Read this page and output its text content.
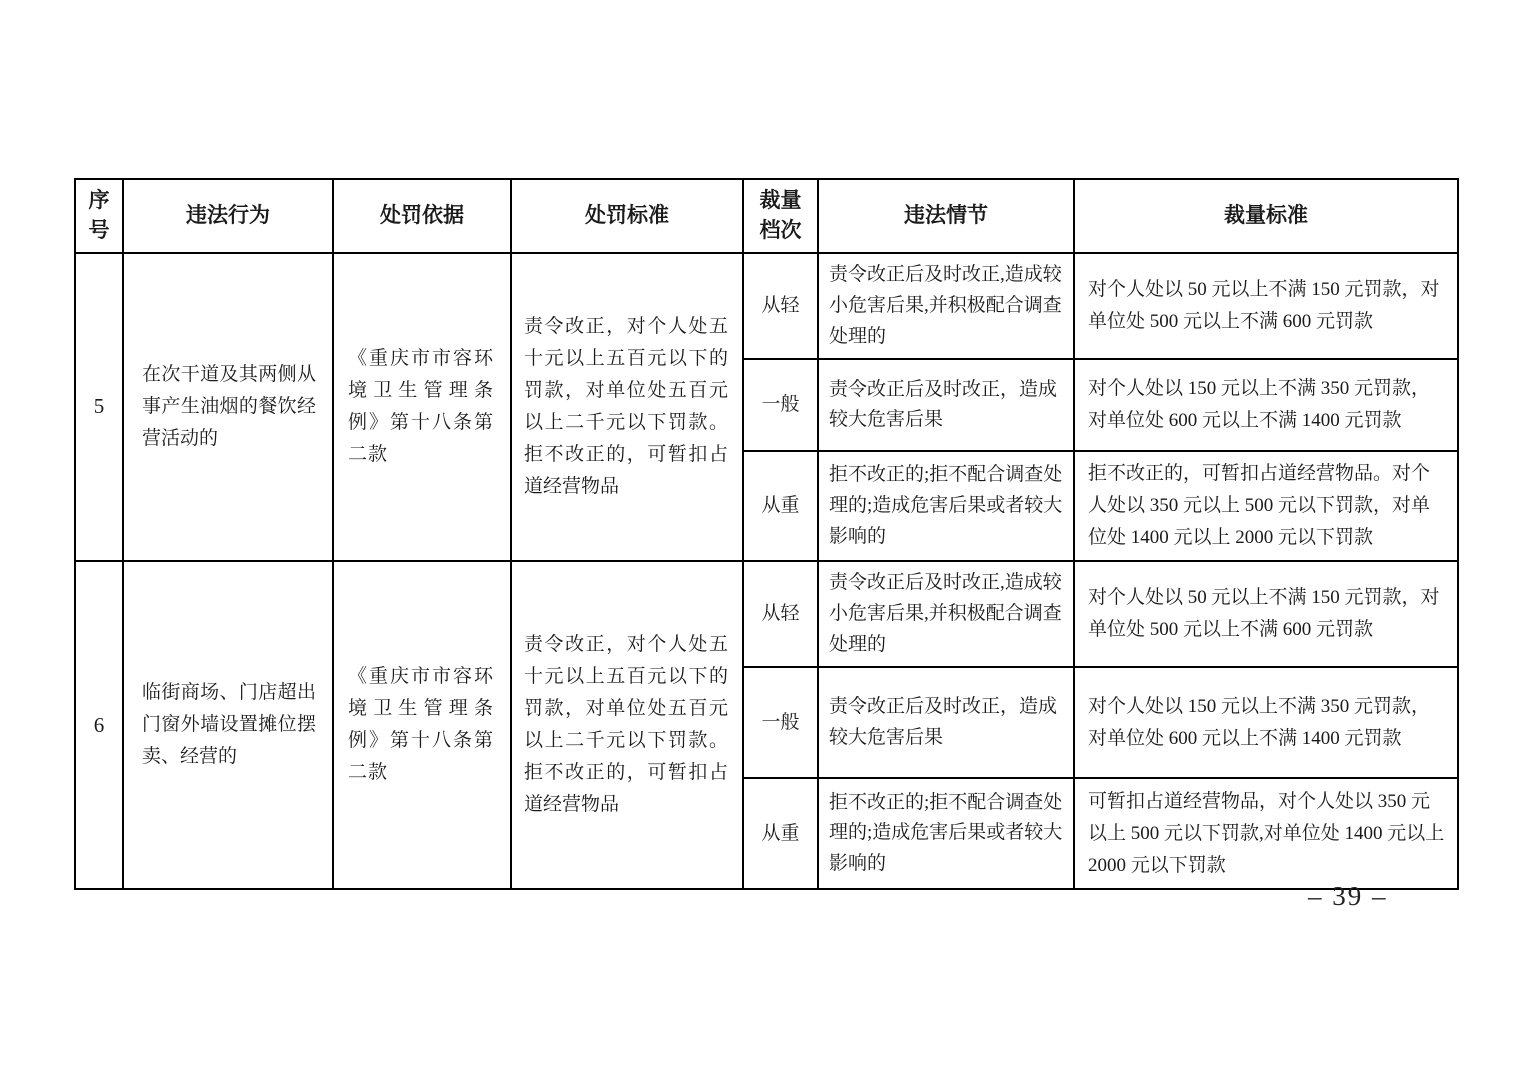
序号	违法行为	处罚依据	处罚标准	裁量档次	违法情节	裁量标准
5	在次干道及其两侧从事产生油烟的餐饮经营活动的	《重庆市市容环境卫生管理条例》第十八条第二款	责令改正，对个人处五十元以上五百元以下的罚款，对单位处五百元以上二千元以下罚款。拒不改正的，可暂扣占道经营物品	从轻	责令改正后及时改正,造成较小危害后果,并积极配合调查处理的	对个人处以 50 元以上不满 150 元罚款，对单位处 500 元以上不满 600 元罚款
				一般	责令改正后及时改正，造成较大危害后果	对个人处以 150 元以上不满 350 元罚款，对单位处 600 元以上不满 1400 元罚款
				从重	拒不改正的;拒不配合调查处理的;造成危害后果或者较大影响的	拒不改正的，可暂扣占道经营物品。对个人处以 350 元以上 500 元以下罚款，对单位处 1400 元以上 2000 元以下罚款
6	临街商场、门店超出门窗外墙设置摊位摆卖、经营的	《重庆市市容环境卫生管理条例》第十八条第二款	责令改正，对个人处五十元以上五百元以下的罚款，对单位处五百元以上二千元以下罚款。拒不改正的，可暂扣占道经营物品	从轻	责令改正后及时改正,造成较小危害后果,并积极配合调查处理的	对个人处以 50 元以上不满 150 元罚款，对单位处 500 元以上不满 600 元罚款
				一般	责令改正后及时改正，造成较大危害后果	对个人处以 150 元以上不满 350 元罚款，对单位处 600 元以上不满 1400 元罚款
				从重	拒不改正的;拒不配合调查处理的;造成危害后果或者较大影响的	可暂扣占道经营物品，对个人处以 350 元以上 500 元以下罚款,对单位处 1400 元以上 2000 元以下罚款
– 39 –
